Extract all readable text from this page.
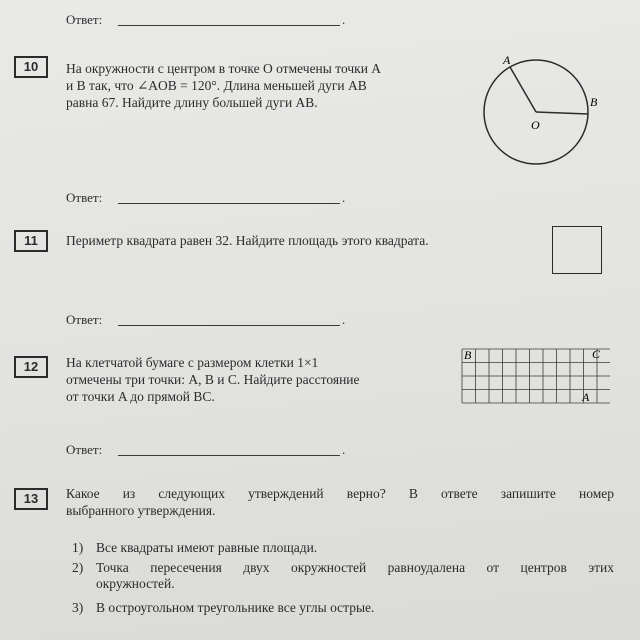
Ответ:	.
10	На окружности с центром в точке O отмечены точки A
и B так, что ∠AOB = 120°. Длина меньшей дуги AB
равна 67. Найдите длину большей дуги AB.
A
B
O
Ответ:	.
11	Периметр квадрата равен 32. Найдите площадь этого квадрата.
Ответ:	.
12	На клетчатой бумаге с размером клетки 1×1
отмечены три точки: A, B и C. Найдите расстояние
от точки A до прямой BC.
B	C
A
Ответ:	.
13	Какое из следующих утверждений верно? В ответе запишите номер
выбранного утверждения.
1) Все квадраты имеют равные площади.
2) Точка пересечения двух окружностей равноудалена от центров этих
окружностей.
3) В остроугольном треугольнике все углы острые.
